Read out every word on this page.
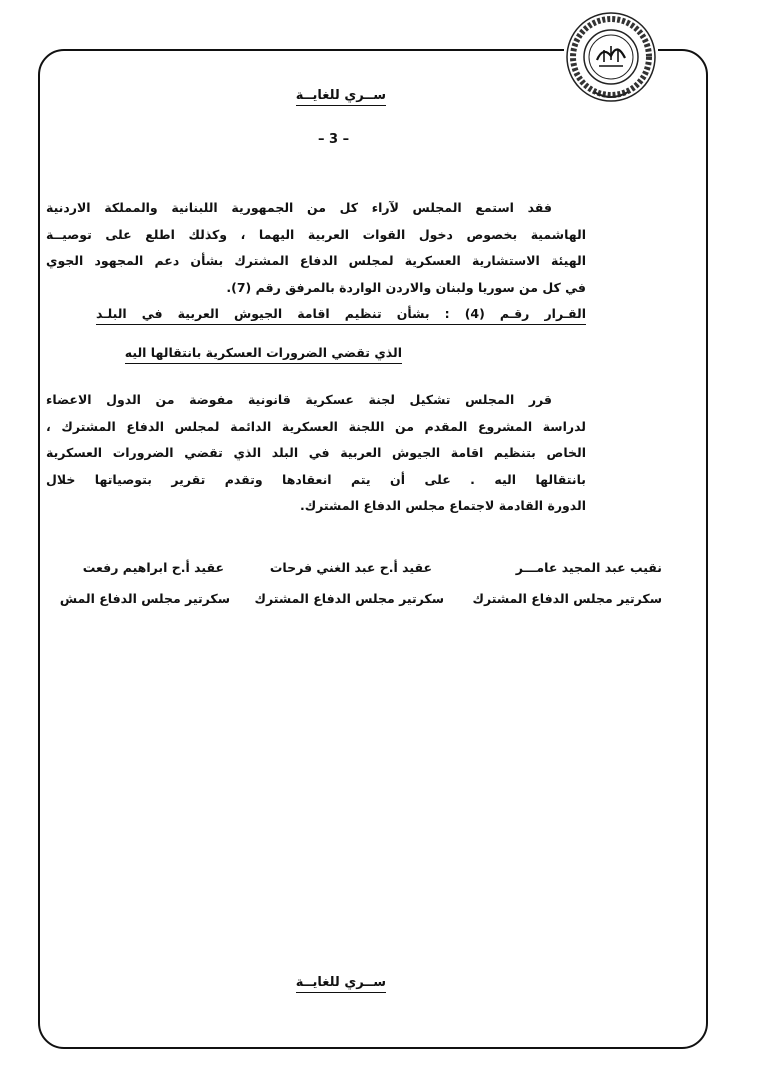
ســري للغايــة
– 3 –
فقد استمع المجلس لآراء كل من الجمهورية اللبنانية والمملكة الاردنية
الهاشمية بخصوص دخول القوات العربية اليهما ، وكذلك اطلع على توصيــة
الهيئة الاستشارية العسكرية لمجلس الدفاع المشترك بشأن دعم المجهود الجوي
في كل من سوريا ولبنان والاردن الواردة بالمرفق رقم (7).
القـرار رقـم (4) : بشأن تنظيم اقامة الجيوش العربية في البلـد
الذي تقضي الضرورات العسكرية بانتقالها اليه
قرر المجلس تشكيل لجنة عسكرية قانونية مفوضة من الدول الاعضاء
لدراسة المشروع المقدم من اللجنة العسكرية الدائمة لمجلس الدفاع المشترك ،
الخاص بتنظيم اقامة الجيوش العربية في البلد الذي تقضي الضرورات العسكرية
بانتقالها اليه . على أن يتم انعقادها وتقدم تقرير بتوصياتها خلال
الدورة القادمة لاجتماع مجلس الدفاع المشترك.
نقيب عبد المجيد عامـــر
عقيد أ.ح عبد الغني فرحات
عقيد أ.ح ابراهيم رفعت
سكرتير مجلس الدفاع المشترك
سكرتير مجلس الدفاع المشترك
سكرتير مجلس الدفاع المش
ســري للغايــة
